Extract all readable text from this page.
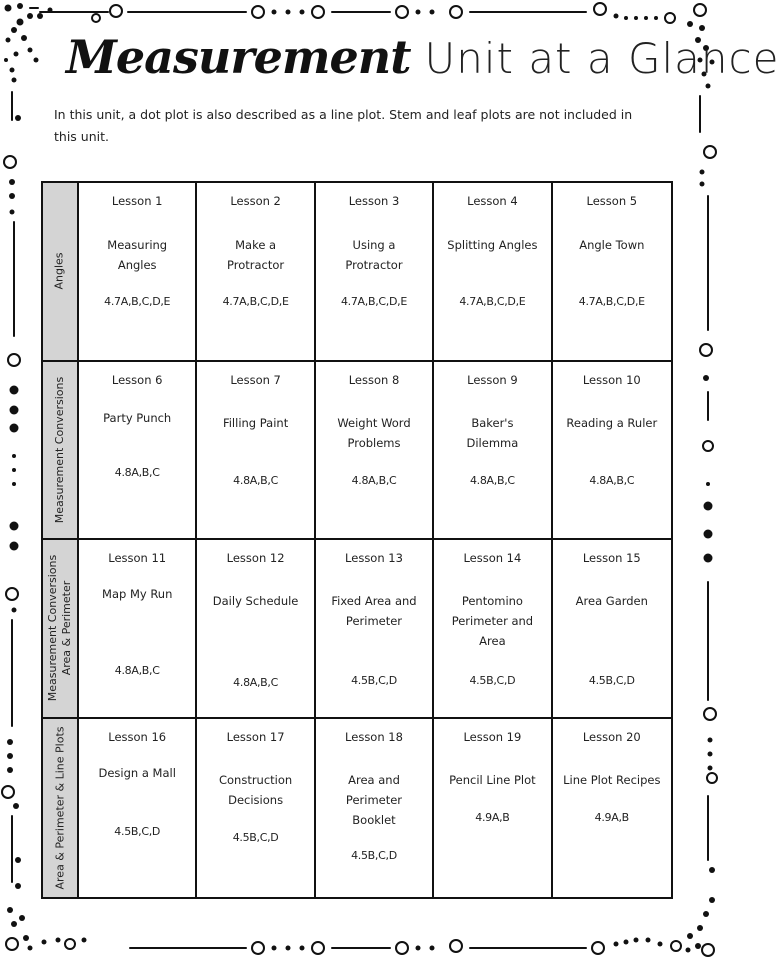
Measurement Unit at a Glance
In this unit, a dot plot is also described as a line plot. Stem and leaf plots are not included in this unit.
Angles
Lesson 1
Measuring Angles
4.7A,B,C,D,E
Lesson 2
Make a Protractor
4.7A,B,C,D,E
Lesson 3
Using a Protractor
4.7A,B,C,D,E
Lesson 4
Splitting Angles
4.7A,B,C,D,E
Lesson 5
Angle Town
4.7A,B,C,D,E
Measurement Conversions	Lesson 6
Party Punch
4.8A,B,C
Lesson 7
Filling Paint
4.8A,B,C
Lesson 8
Weight Word Problems
4.8A,B,C
Lesson 9
Baker's Dilemma
4.8A,B,C
Lesson 10
Reading a Ruler
4.8A,B,C
Measurement Conversions
Area & Perimeter
Lesson 11
Map My Run
4.8A,B,C
Lesson 12
Daily Schedule
4.8A,B,C
Lesson 13
Fixed Area and Perimeter
4.5B,C,D
Lesson 14
Pentomino Perimeter and Area
4.5B,C,D
Lesson 15
Area Garden
4.5B,C,D
Area & Perimeter & Line Plots	Lesson 16
Design a Mall
4.5B,C,D
Lesson 17
Construction Decisions
4.5B,C,D
Lesson 18
Area and Perimeter Booklet
4.5B,C,D
Lesson 19
Pencil Line Plot
4.9A,B
Lesson 20
Line Plot Recipes
4.9A,B
